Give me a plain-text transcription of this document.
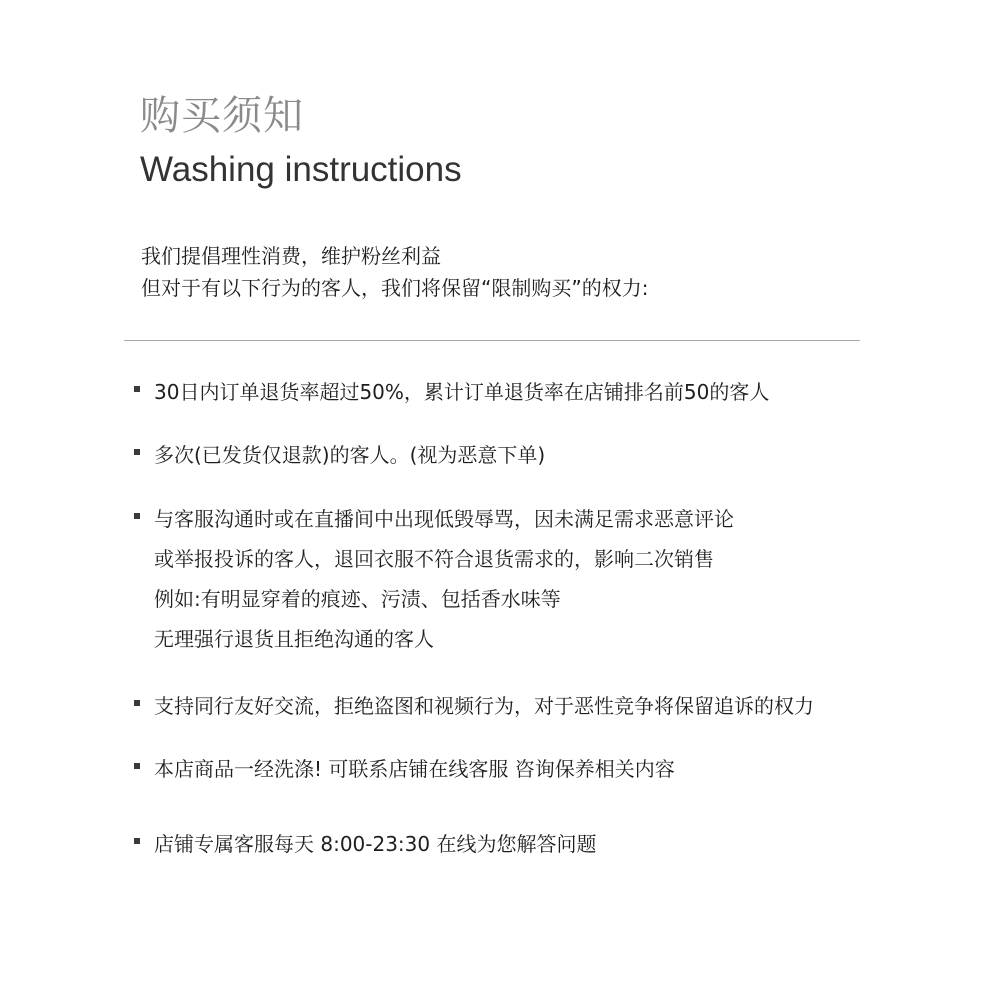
购买须知
Washing instructions
我们提倡理性消费，维护粉丝利益
但对于有以下行为的客人，我们将保留“限制购买”的权力:
30日内订单退货率超过50%，累计订单退货率在店铺排名前50的客人
多次(已发货仅退款)的客人。(视为恶意下单)
与客服沟通时或在直播间中出现低毁辱骂，因未满足需求恶意评论
或举报投诉的客人，退回衣服不符合退货需求的，影响二次销售
例如:有明显穿着的痕迹、污渍、包括香水味等
无理强行退货且拒绝沟通的客人
支持同行友好交流，拒绝盗图和视频行为，对于恶性竞争将保留追诉的权力
本店商品一经洗涤! 可联系店铺在线客服 咨询保养相关内容
店铺专属客服每天 8:00-23:30 在线为您解答问题
